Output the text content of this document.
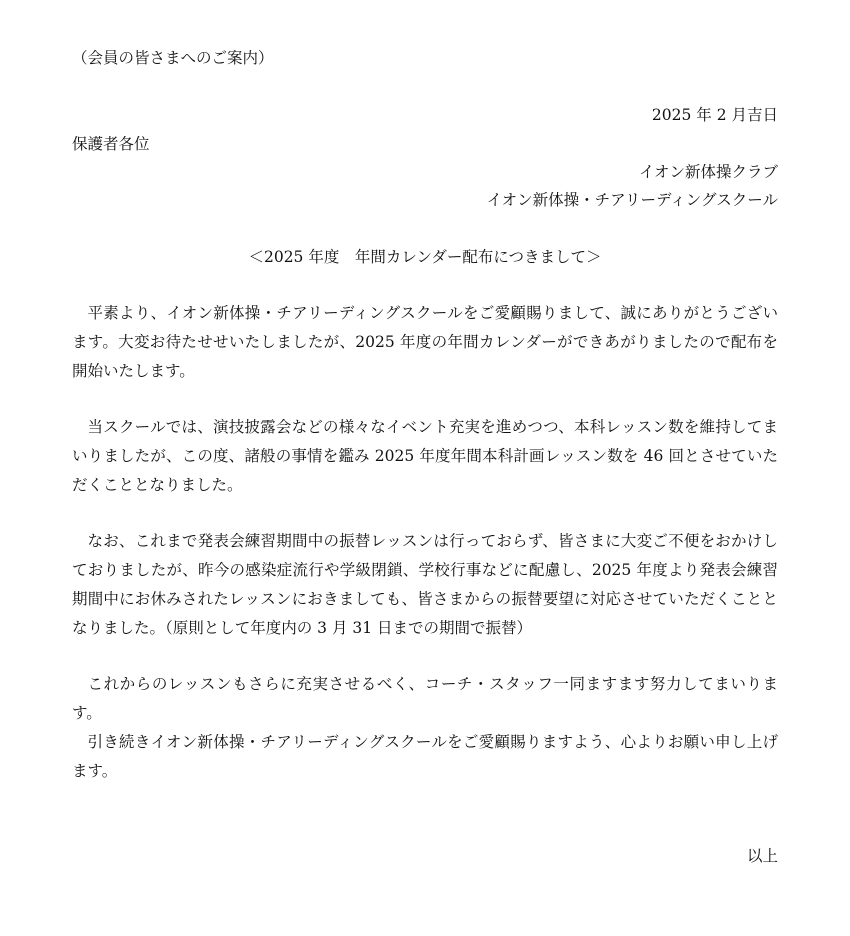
（会員の皆さまへのご案内）
2025 年 2 月吉日
保護者各位
イオン新体操クラブ
イオン新体操・チアリーディングスクール
＜2025 年度　年間カレンダー配布につきまして＞

平素より、イオン新体操・チアリーディングスクールをご愛顧賜りまして、誠にありがとうございます。大変お待たせせいたしましたが、2025 年度の年間カレンダーができあがりましたので配布を開始いたします。

当スクールでは、演技披露会などの様々なイベント充実を進めつつ、本科レッスン数を維持してまいりましたが、この度、諸般の事情を鑑み 2025 年度年間本科計画レッスン数を 46 回とさせていただくこととなりました。

なお、これまで発表会練習期間中の振替レッスンは行っておらず、皆さまに大変ご不便をおかけしておりましたが、昨今の感染症流行や学級閉鎖、学校行事などに配慮し、2025 年度より発表会練習期間中にお休みされたレッスンにおきましても、皆さまからの振替要望に対応させていただくこととなりました。（原則として年度内の 3 月 31 日までの期間で振替）

これからのレッスンもさらに充実させるべく、コーチ・スタッフ一同ますます努力してまいります。

引き続きイオン新体操・チアリーディングスクールをご愛顧賜りますよう、心よりお願い申し上げます。

以上
